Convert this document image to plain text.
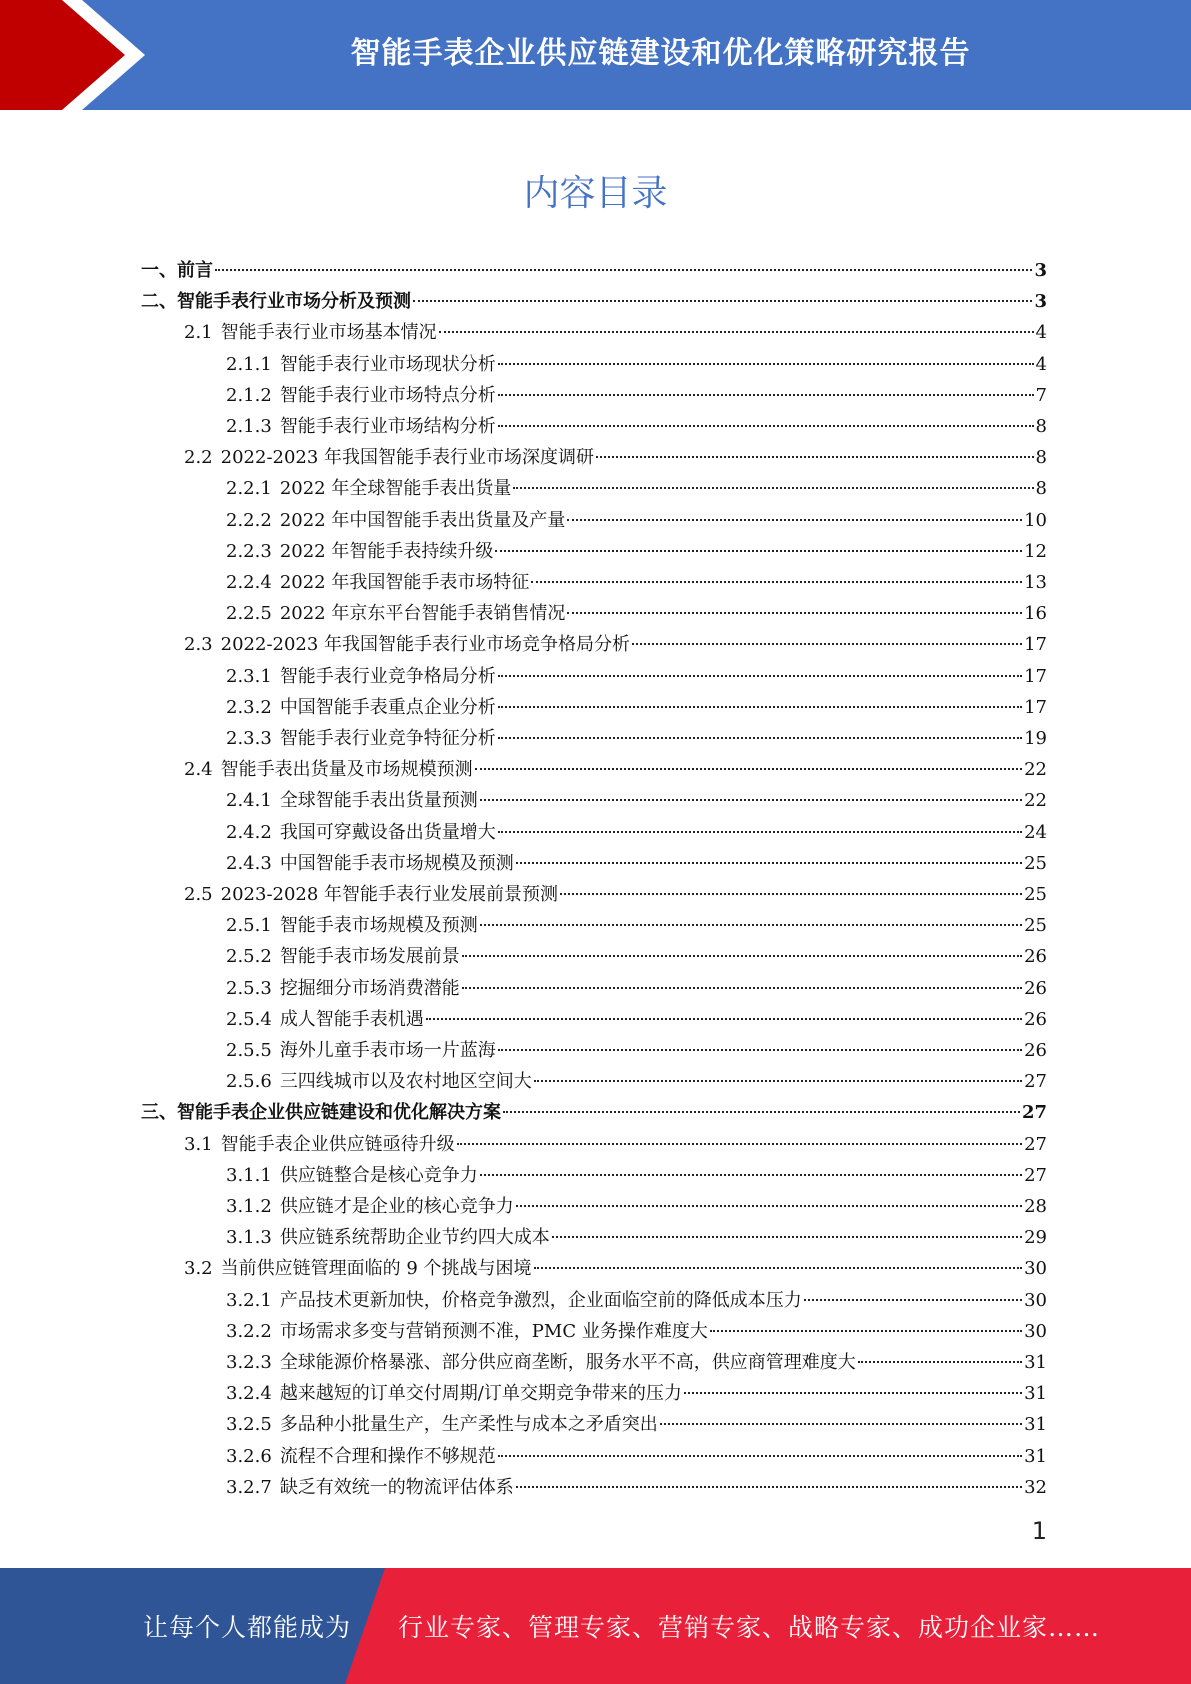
智能手表企业供应链建设和优化策略研究报告
内容目录
一、 前言	3
二、 智能手表行业市场分析及预测	3
2.1 智能手表行业市场基本情况	4
2.1.1 智能手表行业市场现状分析	4
2.1.2 智能手表行业市场特点分析	7
2.1.3 智能手表行业市场结构分析	8
2.2 2022-2023 年我国智能手表行业市场深度调研	8
2.2.1 2022 年全球智能手表出货量	8
2.2.2 2022 年中国智能手表出货量及产量	10
2.2.3 2022 年智能手表持续升级	12
2.2.4 2022 年我国智能手表市场特征	13
2.2.5 2022 年京东平台智能手表销售情况	16
2.3 2022-2023 年我国智能手表行业市场竞争格局分析	17
2.3.1 智能手表行业竞争格局分析	17
2.3.2 中国智能手表重点企业分析	17
2.3.3 智能手表行业竞争特征分析	19
2.4 智能手表出货量及市场规模预测	22
2.4.1 全球智能手表出货量预测	22
2.4.2 我国可穿戴设备出货量增大	24
2.4.3 中国智能手表市场规模及预测	25
2.5 2023-2028 年智能手表行业发展前景预测	25
2.5.1 智能手表市场规模及预测	25
2.5.2 智能手表市场发展前景	26
2.5.3 挖掘细分市场消费潜能	26
2.5.4 成人智能手表机遇	26
2.5.5 海外儿童手表市场一片蓝海	26
2.5.6 三四线城市以及农村地区空间大	27
三、 智能手表企业供应链建设和优化解决方案	27
3.1 智能手表企业供应链亟待升级	27
3.1.1 供应链整合是核心竞争力	27
3.1.2 供应链才是企业的核心竞争力	28
3.1.3 供应链系统帮助企业节约四大成本	29
3.2 当前供应链管理面临的 9 个挑战与困境	30
3.2.1 产品技术更新加快，价格竞争激烈，企业面临空前的降低成本压力	30
3.2.2 市场需求多变与营销预测不准，PMC 业务操作难度大	30
3.2.3 全球能源价格暴涨、部分供应商垄断，服务水平不高，供应商管理难度大	31
3.2.4 越来越短的订单交付周期/订单交期竞争带来的压力	31
3.2.5 多品种小批量生产，生产柔性与成本之矛盾突出	31
3.2.6 流程不合理和操作不够规范	31
3.2.7 缺乏有效统一的物流评估体系	32
1
让每个人都能成为 行业专家、管理专家、营销专家、战略专家、成功企业家……
